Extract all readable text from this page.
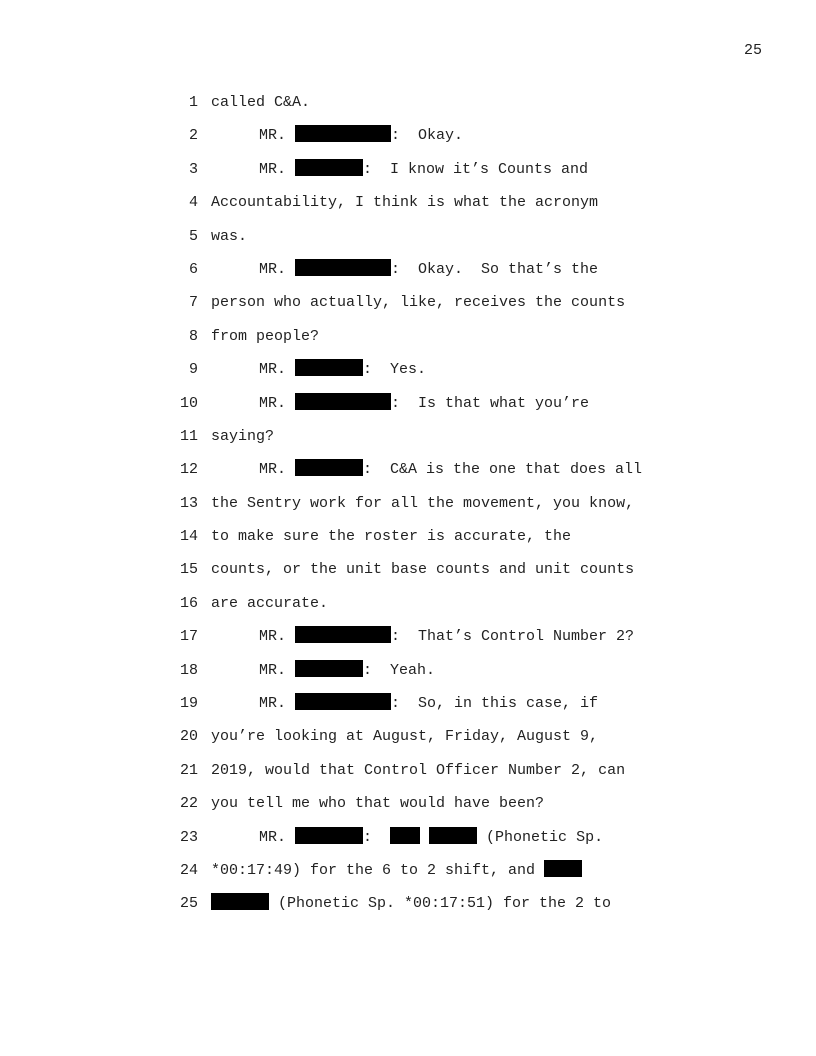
25
1 called C&A.
2	MR.	:  Okay.
3	MR.	:  I know it’s Counts and
4 Accountability, I think is what the acronym
5 was.
6	MR.	:  Okay.  So that’s the
7 person who actually, like, receives the counts
8 from people?
9	MR.	:  Yes.
10	MR.	:  Is that what you’re
11 saying?
12	MR.	:  C&A is the one that does all
13 the Sentry work for all the movement, you know,
14 to make sure the roster is accurate, the
15 counts, or the unit base counts and unit counts
16 are accurate.
17	MR.	:  That’s Control Number 2?
18	MR.	:  Yeah.
19	MR.	:  So, in this case, if
20 you’re looking at August, Friday, August 9,
21 2019, would that Control Officer Number 2, can
22 you tell me who that would have been?
23	MR.	:	(Phonetic Sp.
24 *00:17:49) for the 6 to 2 shift, and
25	(Phonetic Sp. *00:17:51) for the 2 to
